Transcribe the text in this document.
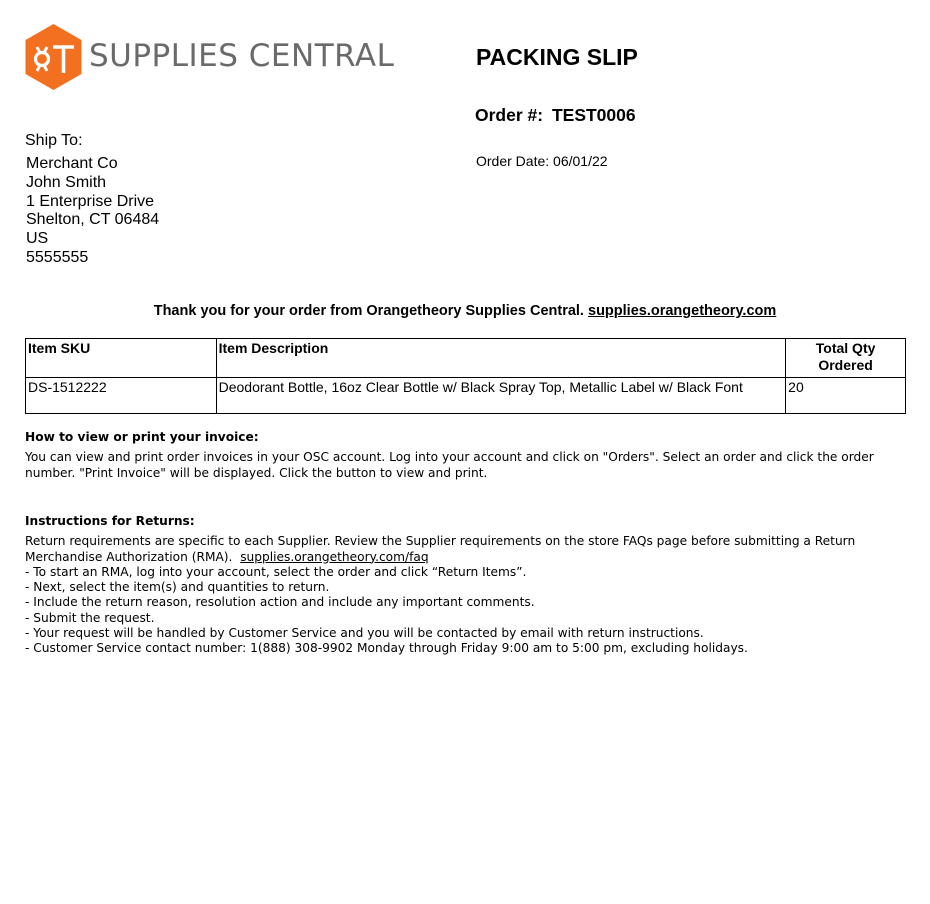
SUPPLIES CENTRAL	PACKING SLIP
Order #: TEST0006
Order Date: 06/01/22
Ship To:
Merchant Co
John Smith
1 Enterprise Drive
Shelton, CT 06484
US
5555555
Thank you for your order from Orangetheory Supplies Central. supplies.orangetheory.com
Item SKU	Item Description	Total Qty Ordered
DS-1512222	Deodorant Bottle, 16oz Clear Bottle w/ Black Spray Top, Metallic Label w/ Black Font	20
How to view or print your invoice:
You can view and print order invoices in your OSC account. Log into your account and click on "Orders". Select an order and click the order
number. "Print Invoice" will be displayed. Click the button to view and print.
Instructions for Returns:
Return requirements are specific to each Supplier. Review the Supplier requirements on the store FAQs page before submitting a Return
Merchandise Authorization (RMA). supplies.orangetheory.com/faq
- To start an RMA, log into your account, select the order and click “Return Items”.
- Next, select the item(s) and quantities to return.
- Include the return reason, resolution action and include any important comments.
- Submit the request.
- Your request will be handled by Customer Service and you will be contacted by email with return instructions.
- Customer Service contact number: 1(888) 308-9902 Monday through Friday 9:00 am to 5:00 pm, excluding holidays.
